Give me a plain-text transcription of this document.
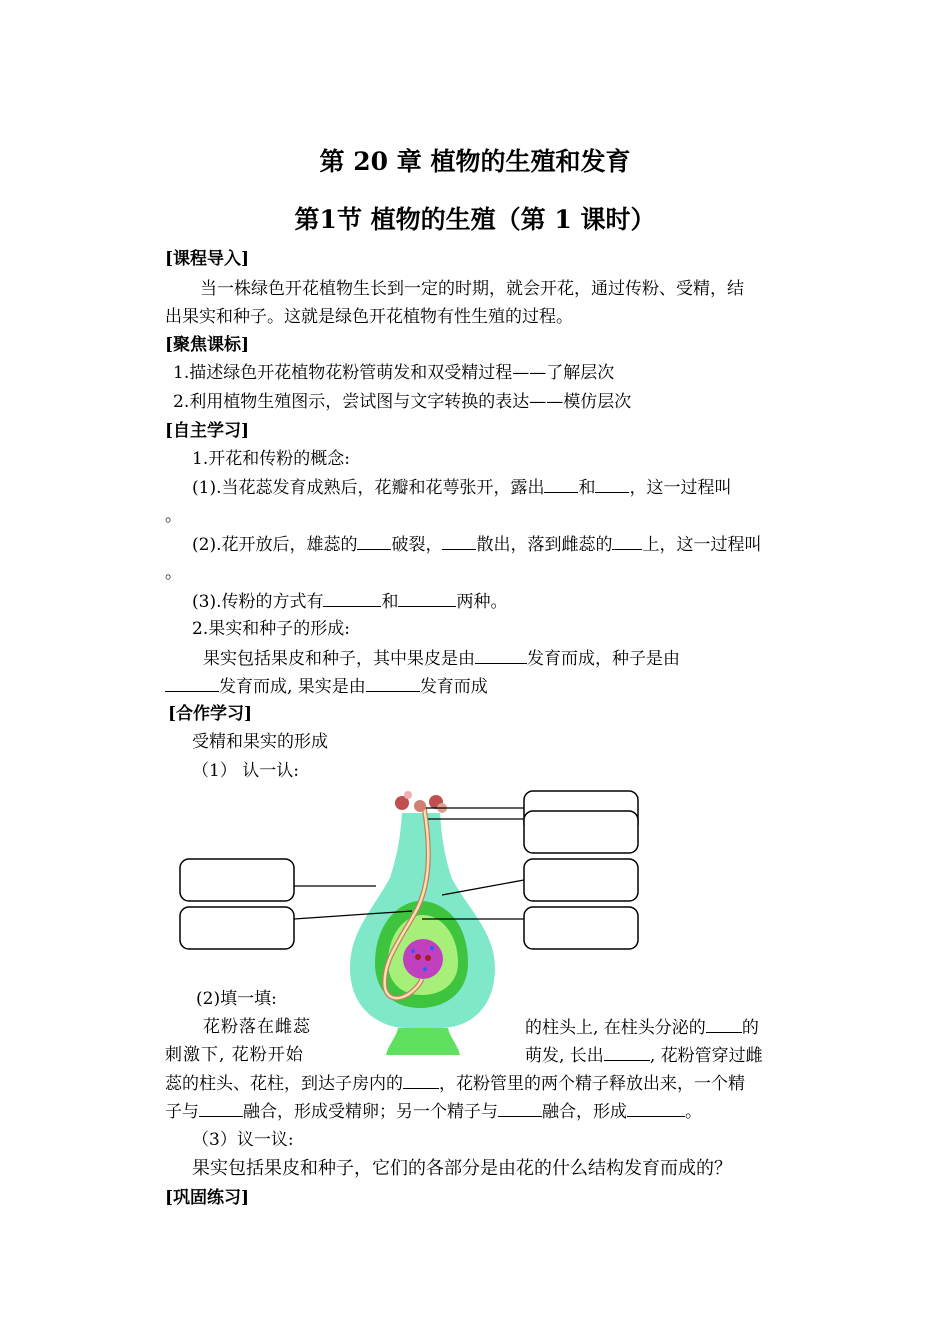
第 20 章 植物的生殖和发育
第1节 植物的生殖（第 1 课时）
[课程导入]
当一株绿色开花植物生长到一定的时期，就会开花，通过传粉、受精，结
出果实和种子。这就是绿色开花植物有性生殖的过程。
[聚焦课标]
1.描述绿色开花植物花粉管萌发和双受精过程——了解层次
2.利用植物生殖图示，尝试图与文字转换的表达——模仿层次
[自主学习]
1.开花和传粉的概念:
(1).当花蕊发育成熟后，花瓣和花萼张开，露出 和 ，这一过程叫
。
(2).花开放后，雄蕊的 破裂， 散出，落到雌蕊的 上，这一过程叫
。
(3).传粉的方式有	和	两种。
2.果实和种子的形成:
果实包括果皮和种子，其中果皮是由	发育而成，种子是由
发育而成, 果实是由	发育而成
[合作学习]
受精和果实的形成
（1） 认一认:
(2)填一填:
花粉落在雌蕊	的柱头上, 在柱头分泌的 的
刺激下, 花粉开始	萌发, 长出	, 花粉管穿过雌
蕊的柱头、花柱，到达子房内的 ，花粉管里的两个精子释放出来，一个精
子与	融合，形成受精卵；另一个精子与	融合，形成	。
（3）议一议:
果实包括果皮和种子，它们的各部分是由花的什么结构发育而成的？
[巩固练习]
